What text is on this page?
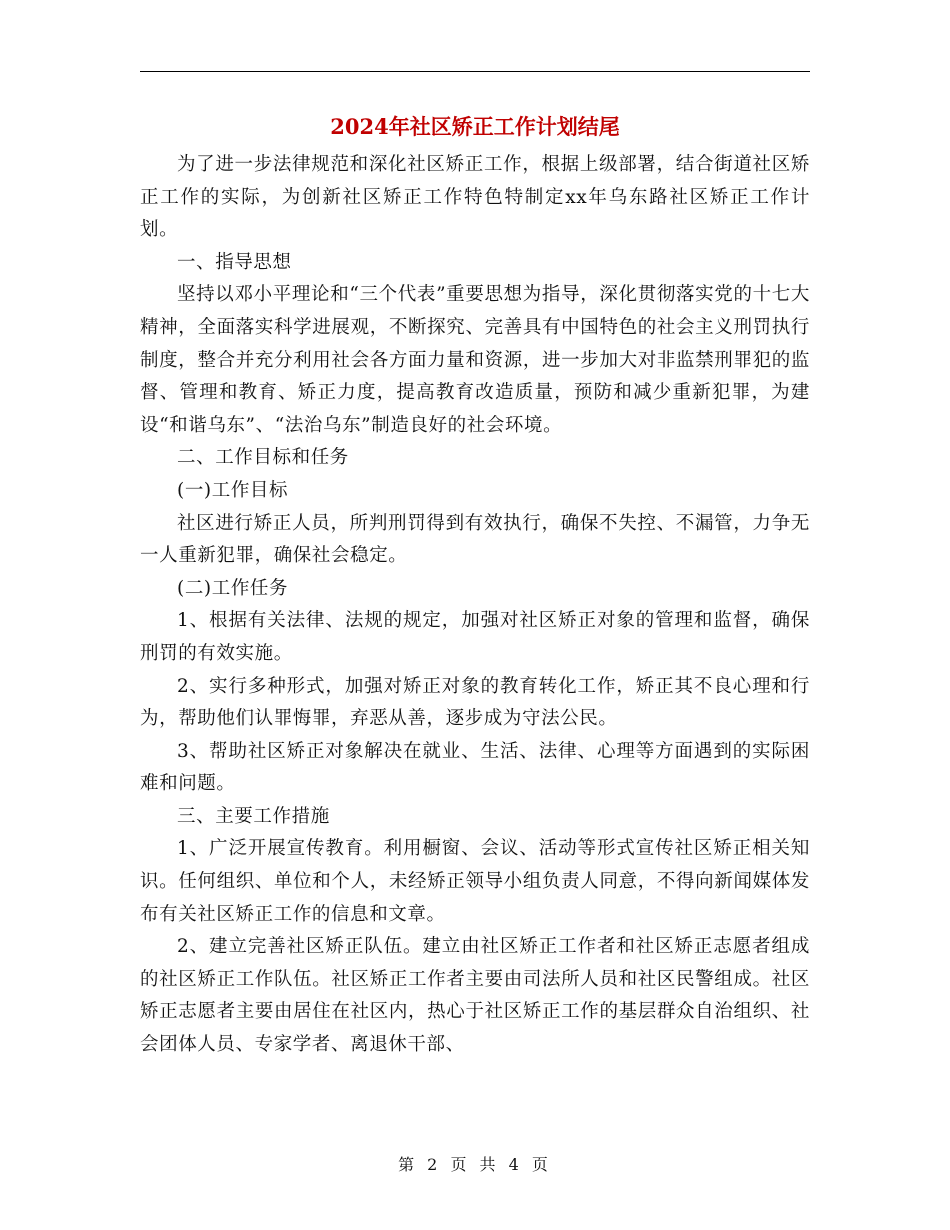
2024年社区矫正工作计划结尾

为了进一步法律规范和深化社区矫正工作，根据上级部署，结合街道社区矫正工作的实际，为创新社区矫正工作特色特制定xx年乌东路社区矫正工作计划。

一、指导思想

坚持以邓小平理论和“三个代表”重要思想为指导，深化贯彻落实党的十七大精神，全面落实科学进展观，不断探究、完善具有中国特色的社会主义刑罚执行制度，整合并充分利用社会各方面力量和资源，进一步加大对非监禁刑罪犯的监督、管理和教育、矫正力度，提高教育改造质量，预防和减少重新犯罪，为建设“和谐乌东”、“法治乌东”制造良好的社会环境。

二、工作目标和任务

(一)工作目标

社区进行矫正人员，所判刑罚得到有效执行，确保不失控、不漏管，力争无一人重新犯罪，确保社会稳定。

(二)工作任务

1、根据有关法律、法规的规定，加强对社区矫正对象的管理和监督，确保刑罚的有效实施。

2、实行多种形式，加强对矫正对象的教育转化工作，矫正其不良心理和行为，帮助他们认罪悔罪，弃恶从善，逐步成为守法公民。

3、帮助社区矫正对象解决在就业、生活、法律、心理等方面遇到的实际困难和问题。

三、主要工作措施

1、广泛开展宣传教育。利用橱窗、会议、活动等形式宣传社区矫正相关知识。任何组织、单位和个人，未经矫正领导小组负责人同意，不得向新闻媒体发布有关社区矫正工作的信息和文章。

2、建立完善社区矫正队伍。建立由社区矫正工作者和社区矫正志愿者组成的社区矫正工作队伍。社区矫正工作者主要由司法所人员和社区民警组成。社区矫正志愿者主要由居住在社区内，热心于社区矫正工作的基层群众自治组织、社会团体人员、专家学者、离退休干部、

第 2 页 共 4 页
